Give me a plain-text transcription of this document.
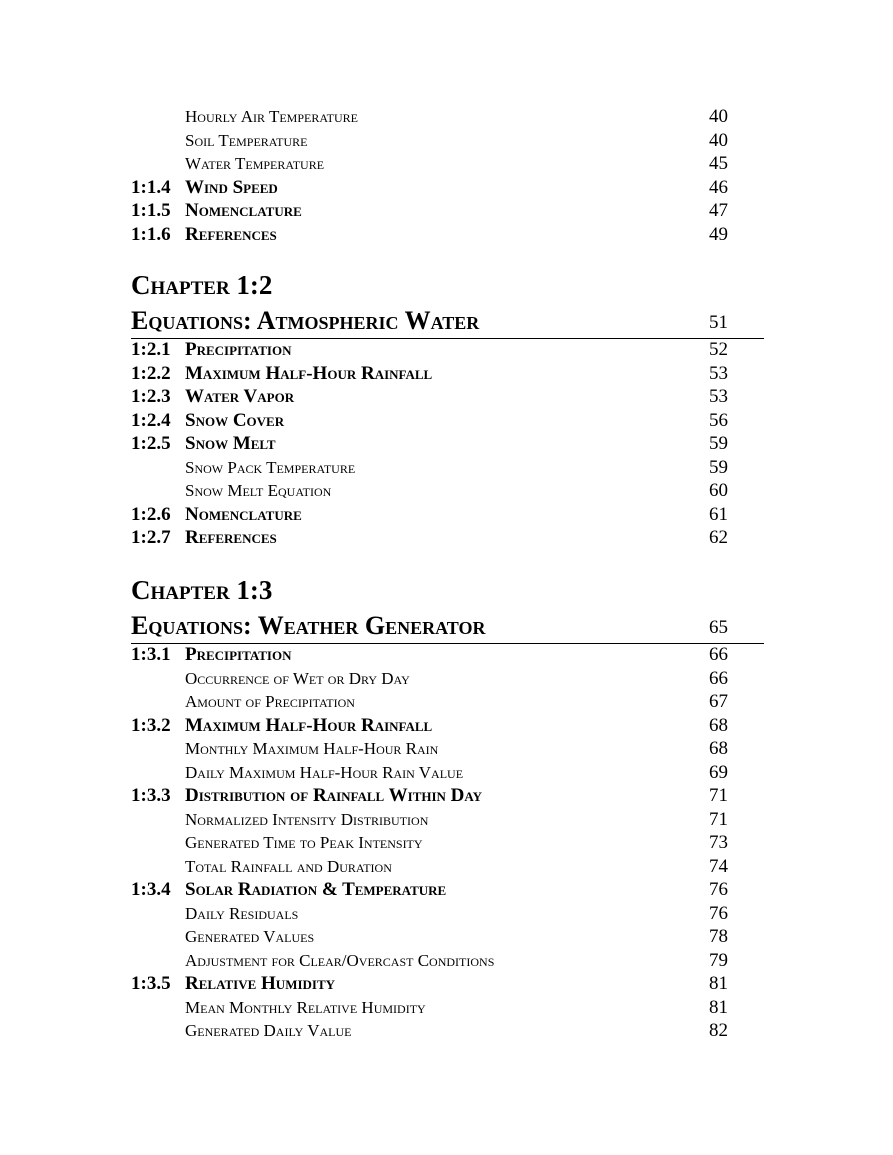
Hourly Air Temperature	40
Soil Temperature	40
Water Temperature	45
1:1.4 Wind Speed	46
1:1.5 Nomenclature	47
1:1.6 References	49
Chapter 1:2
Equations: Atmospheric Water	51
1:2.1 Precipitation	52
1:2.2 Maximum Half-Hour Rainfall	53
1:2.3 Water Vapor	53
1:2.4 Snow Cover	56
1:2.5 Snow Melt	59
Snow Pack Temperature	59
Snow Melt Equation	60
1:2.6 Nomenclature	61
1:2.7 References	62
Chapter 1:3
Equations: Weather Generator	65
1:3.1 Precipitation	66
Occurrence of Wet or Dry Day	66
Amount of Precipitation	67
1:3.2 Maximum Half-Hour Rainfall	68
Monthly Maximum Half-Hour Rain	68
Daily Maximum Half-Hour Rain Value	69
1:3.3 Distribution of Rainfall Within Day	71
Normalized Intensity Distribution	71
Generated Time to Peak Intensity	73
Total Rainfall and Duration	74
1:3.4 Solar Radiation & Temperature	76
Daily Residuals	76
Generated Values	78
Adjustment for Clear/Overcast Conditions	79
1:3.5 Relative Humidity	81
Mean Monthly Relative Humidity	81
Generated Daily Value	82
